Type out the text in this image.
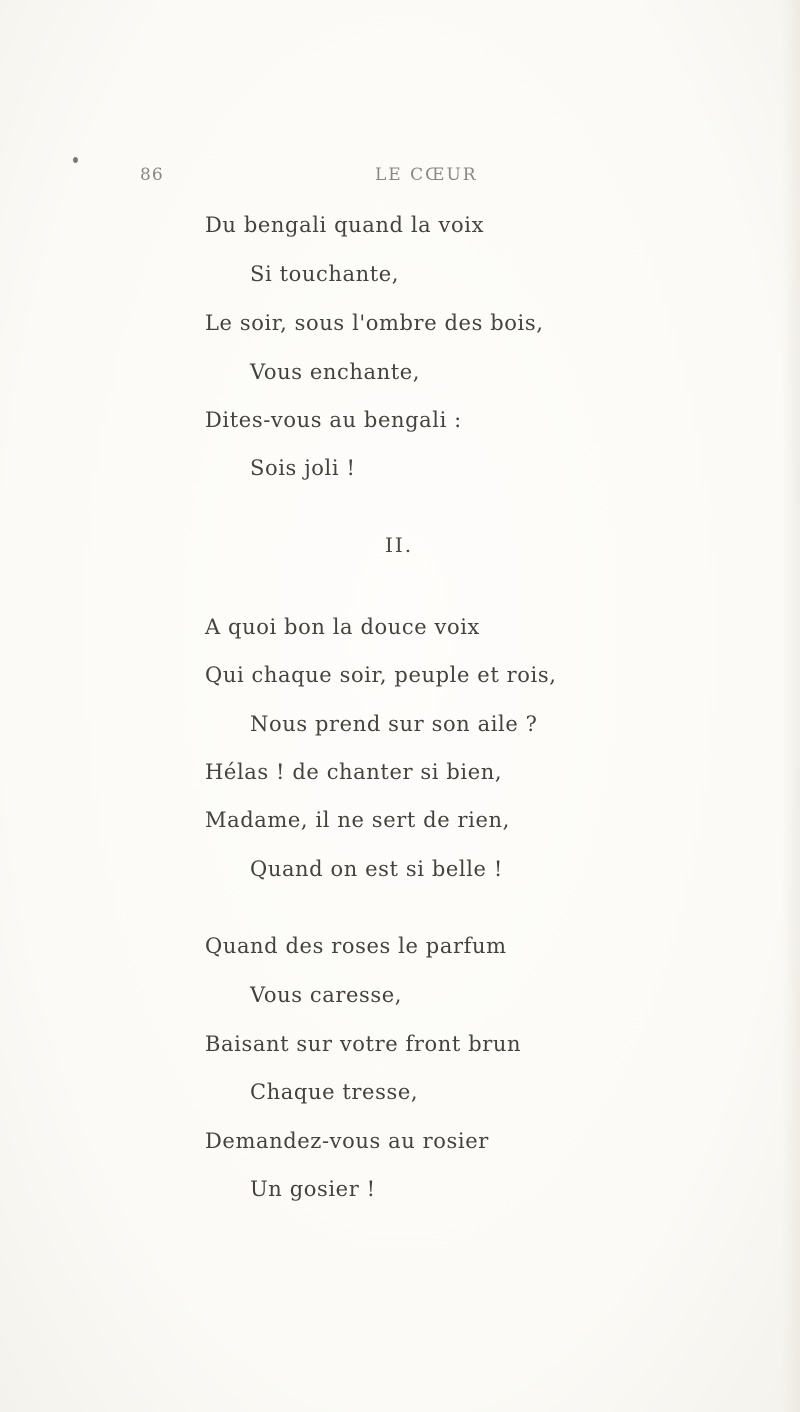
86	LE CŒUR
Du bengali quand la voix
Si touchante,
Le soir, sous l'ombre des bois,
Vous enchante,
Dites-vous au bengali :
Sois joli !
II.
A quoi bon la douce voix
Qui chaque soir, peuple et rois,
Nous prend sur son aile ?
Hélas ! de chanter si bien,
Madame, il ne sert de rien,
Quand on est si belle !
Quand des roses le parfum
Vous caresse,
Baisant sur votre front brun
Chaque tresse,
Demandez-vous au rosier
Un gosier !
